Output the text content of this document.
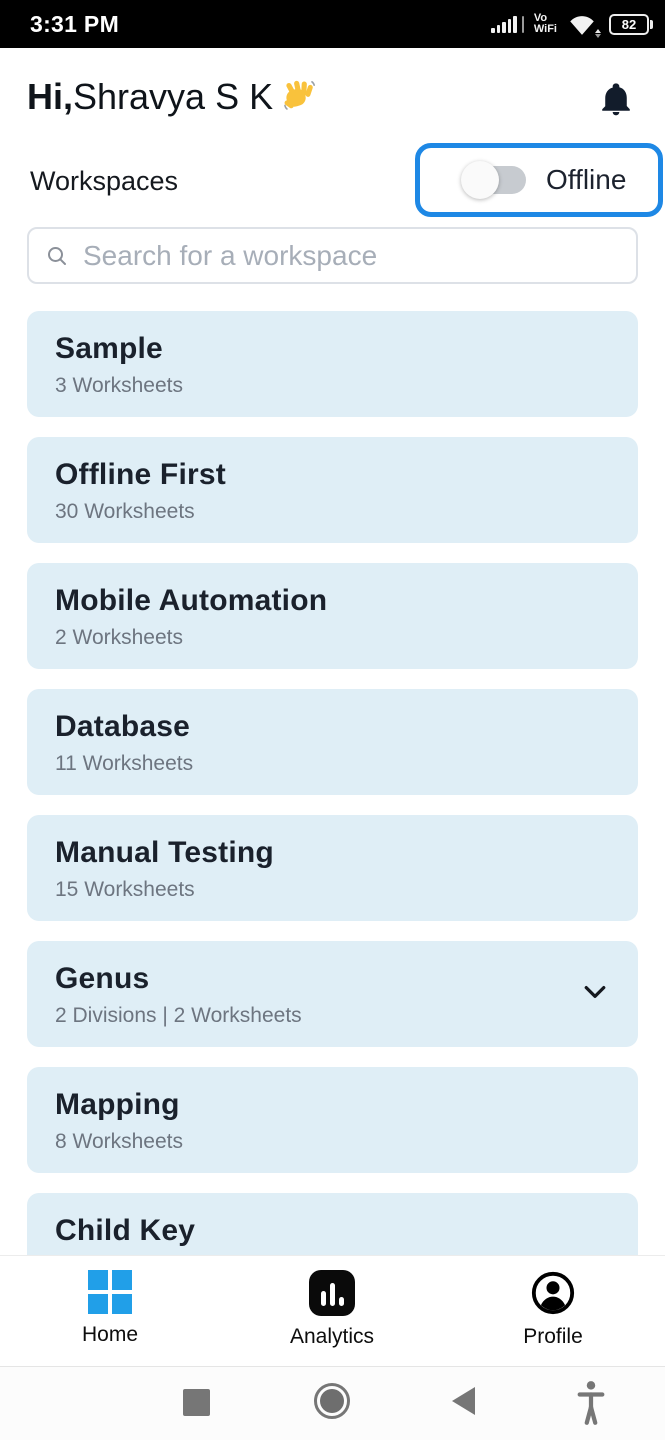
3:31 PM	Vo
WiFi	82
Hi, Shravya S K
Workspaces	Offline
Search for a workspace
Sample
3 Worksheets
Offline First
30 Worksheets
Mobile Automation
2 Worksheets
Database
11 Worksheets
Manual Testing
15 Worksheets
Genus
2 Divisions | 2 Worksheets
Mapping
8 Worksheets
Child Key
Home	Analytics	Profile
